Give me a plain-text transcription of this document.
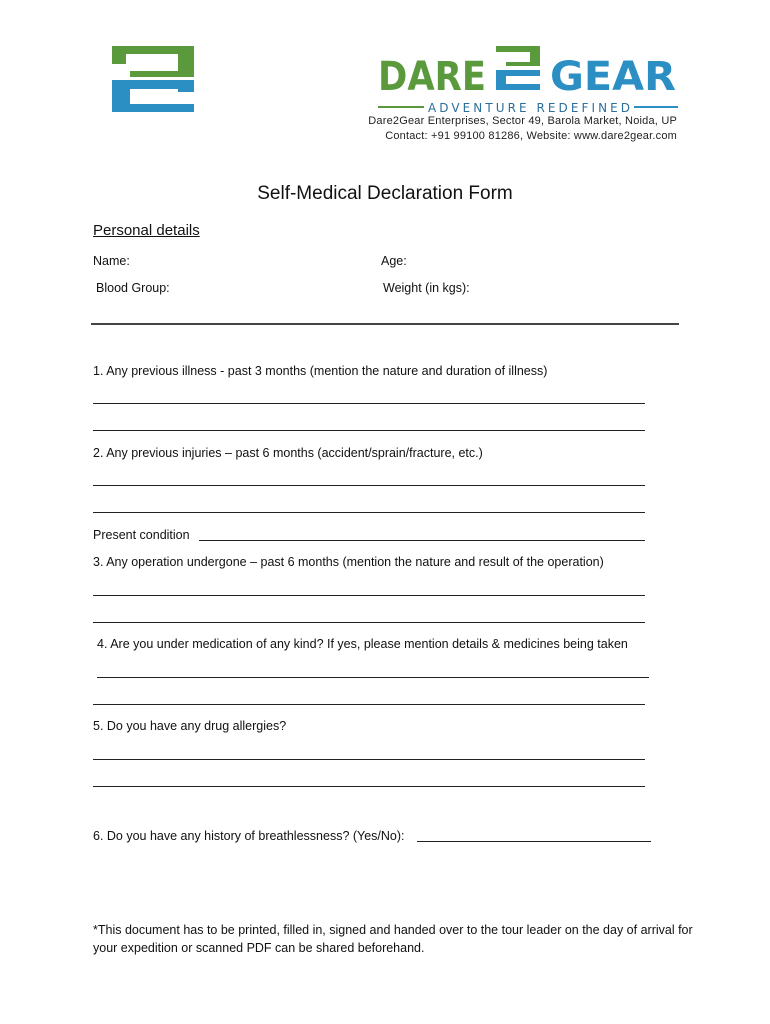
DARE GEAR
ADVENTURE REDEFINED
Dare2Gear Enterprises, Sector 49, Barola Market, Noida, UP
Contact: +91 99100 81286, Website: www.dare2gear.com
Self-Medical Declaration Form
Personal details
Name:	Age:
Blood Group:	Weight (in kgs):
1. Any previous illness - past 3 months (mention the nature and duration of illness)
2. Any previous injuries – past 6 months (accident/sprain/fracture, etc.)
Present condition
3. Any operation undergone – past 6 months (mention the nature and result of the operation)
4. Are you under medication of any kind? If yes, please mention details & medicines being taken
5. Do you have any drug allergies?
6. Do you have any history of breathlessness? (Yes/No):
*This document has to be printed, filled in, signed and handed over to the tour leader on the day of arrival for your expedition or scanned PDF can be shared beforehand.
